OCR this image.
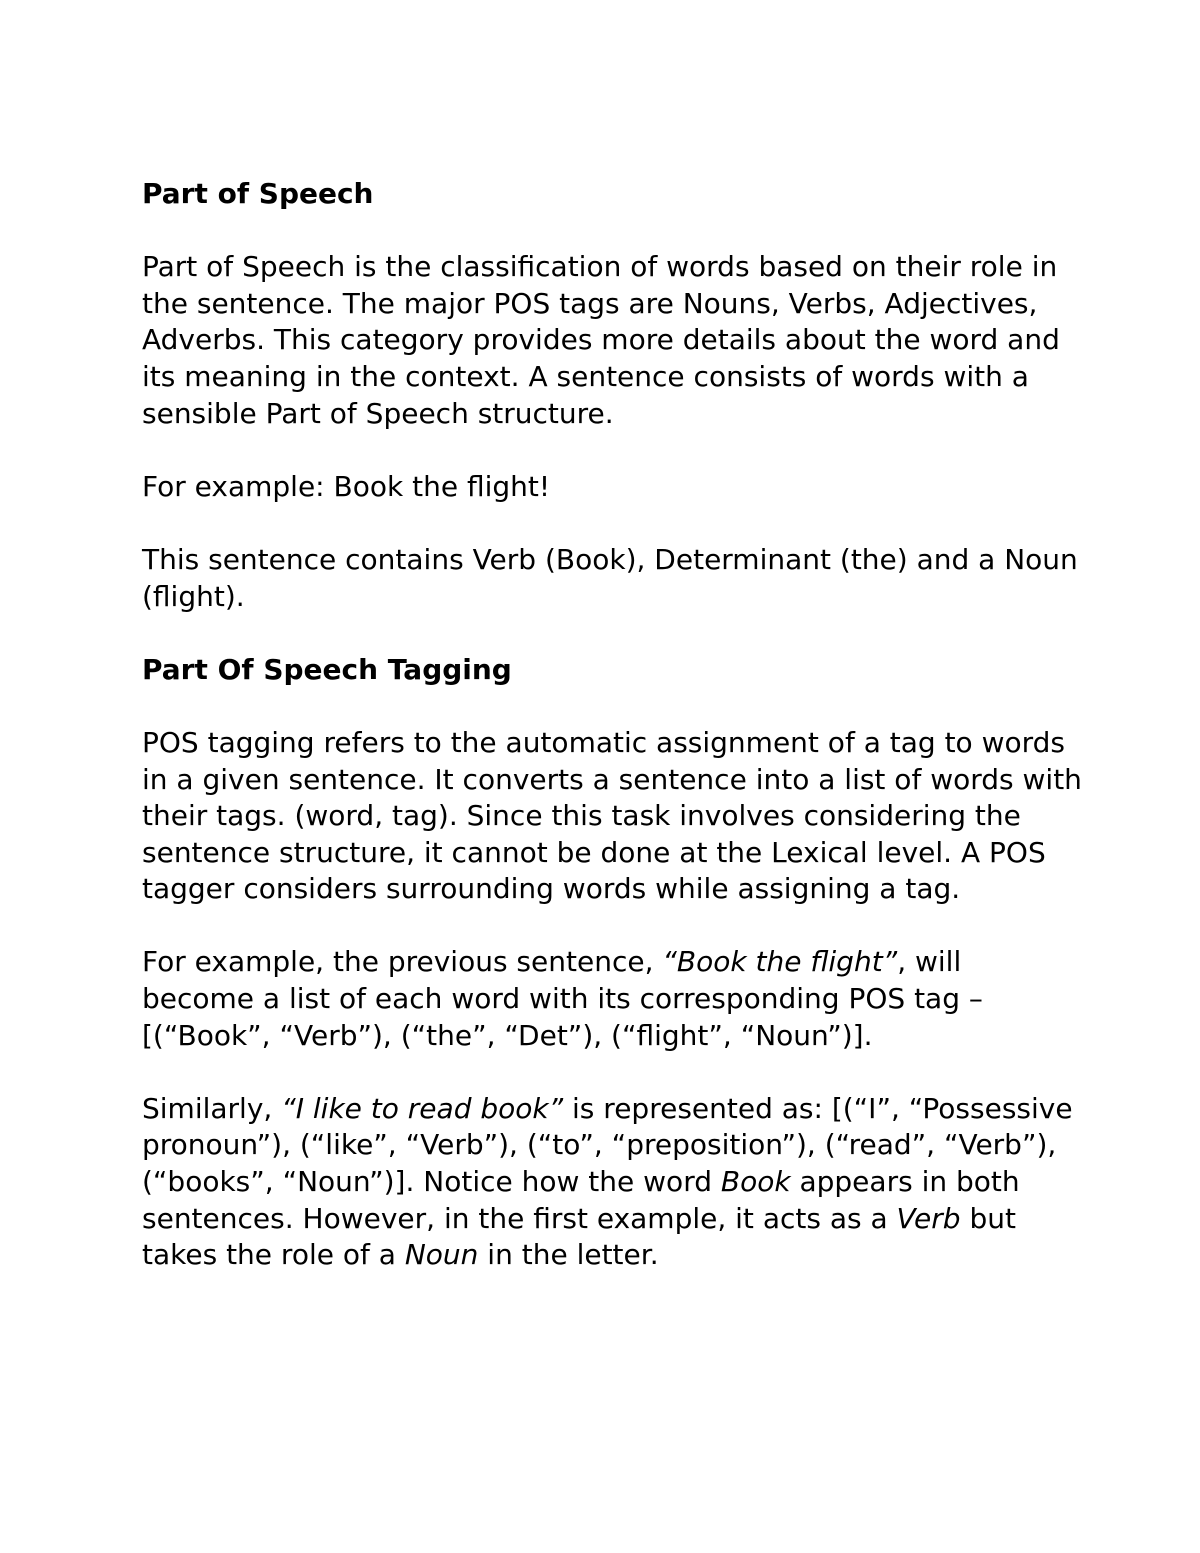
Part of Speech

Part of Speech is the classification of words based on their role in the sentence. The major POS tags are Nouns, Verbs, Adjectives, Adverbs. This category provides more details about the word and its meaning in the context. A sentence consists of words with a sensible Part of Speech structure.

For example: Book the flight!

This sentence contains Verb (Book), Determinant (the) and a Noun (flight).

Part Of Speech Tagging

POS tagging refers to the automatic assignment of a tag to words in a given sentence. It converts a sentence into a list of words with their tags. (word, tag). Since this task involves considering the sentence structure, it cannot be done at the Lexical level. A POS tagger considers surrounding words while assigning a tag.

For example, the previous sentence, “Book the flight”, will become a list of each word with its corresponding POS tag – [(“Book”, “Verb”), (“the”, “Det”), (“flight”, “Noun”)].

Similarly, “I like to read book” is represented as: [(“I”, “Possessive pronoun”), (“like”, “Verb”), (“to”, “preposition”), (“read”, “Verb”), (“books”, “Noun”)]. Notice how the word Book appears in both sentences. However, in the first example, it acts as a Verb but takes the role of a Noun in the letter.
